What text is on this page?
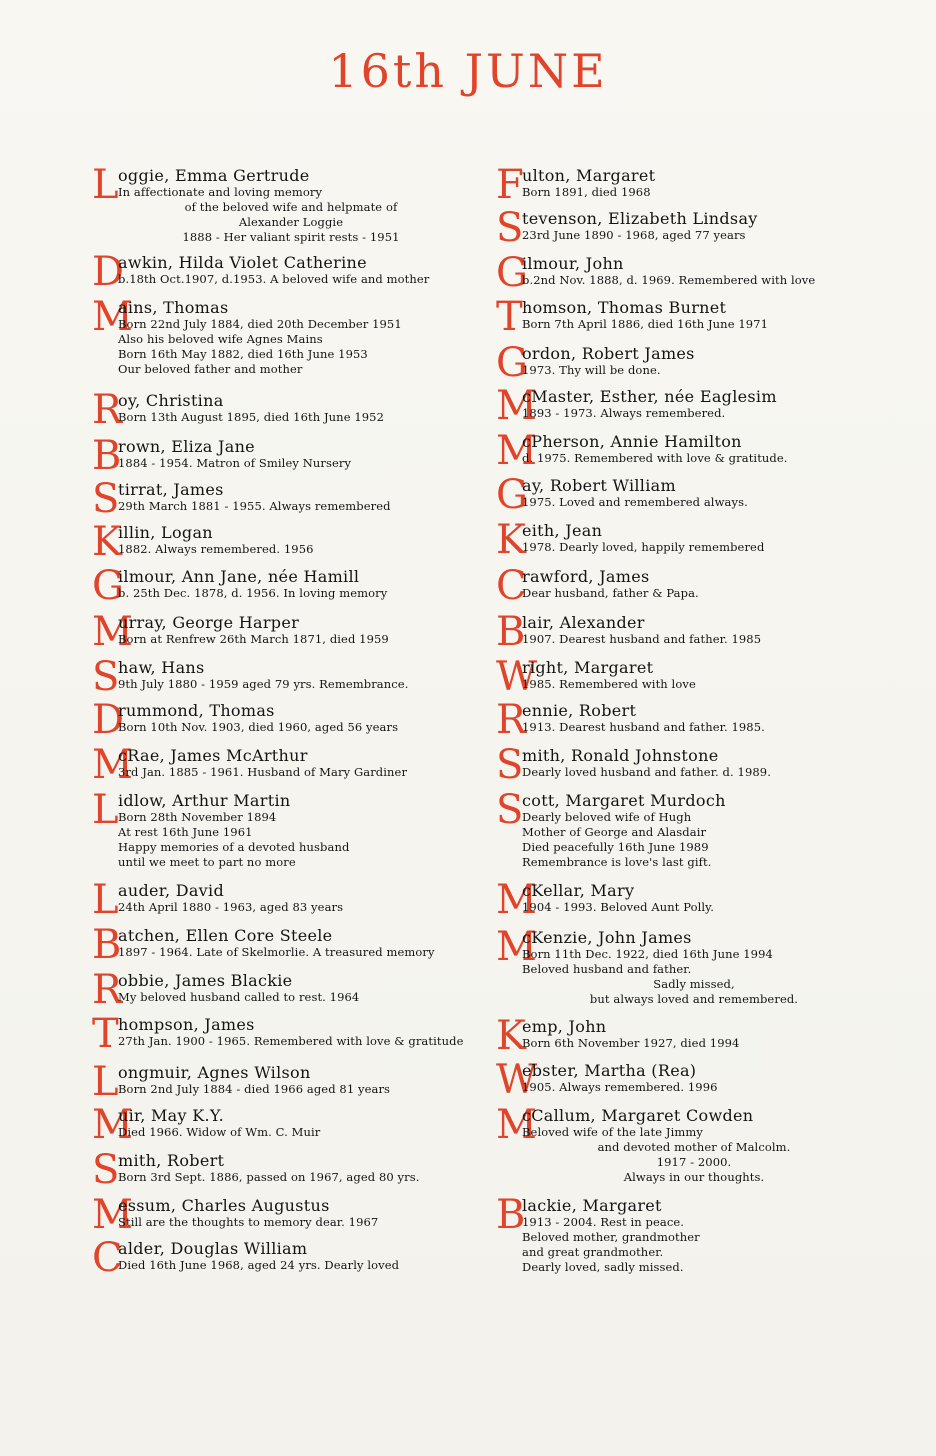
16th JUNE
L oggie, Emma Gertrude
In affectionate and loving memory
of the beloved wife and helpmate of
Alexander Loggie
1888 - Her valiant spirit rests - 1951
D
awkin, Hilda Violet Catherine
b.18th Oct.1907, d.1953. A beloved wife and mother
M
ains, Thomas
Born 22nd July 1884, died 20th December 1951
Also his beloved wife Agnes Mains
Born 16th May 1882, died 16th June 1953
Our beloved father and mother
R
oy, Christina
Born 13th August 1895, died 16th June 1952
B
rown, Eliza Jane
1884 - 1954. Matron of Smiley Nursery
S
tirrat, James
29th March 1881 - 1955. Always remembered
K
illin, Logan
1882. Always remembered. 1956
G
ilmour, Ann Jane, née Hamill
b. 25th Dec. 1878, d. 1956. In loving memory
M
urray, George Harper
Born at Renfrew 26th March 1871, died 1959
S
haw, Hans
9th July 1880 - 1959 aged 79 yrs. Remembrance.
D
rummond, Thomas
Born 10th Nov. 1903, died 1960, aged 56 years
M
cRae, James McArthur
3rd Jan. 1885 - 1961. Husband of Mary Gardiner
L idlow, Arthur Martin
Born 28th November 1894
At rest 16th June 1961
Happy memories of a devoted husband
until we meet to part no more
L auder, David
24th April 1880 - 1963, aged 83 years
B
atchen, Ellen Core Steele
1897 - 1964. Late of Skelmorlie. A treasured memory
R
obbie, James Blackie
My beloved husband called to rest. 1964
T hompson, James
27th Jan. 1900 - 1965. Remembered with love & gratitude
L ongmuir, Agnes Wilson
Born 2nd July 1884 - died 1966 aged 81 years
M
uir, May K.Y.
Died 1966. Widow of Wm. C. Muir
S
mith, Robert
Born 3rd Sept. 1886, passed on 1967, aged 80 yrs.
M
essum, Charles Augustus
Still are the thoughts to memory dear. 1967
C
alder, Douglas William
Died 16th June 1968, aged 24 yrs. Dearly loved
F
ulton, Margaret
Born 1891, died 1968
S
tevenson, Elizabeth Lindsay
23rd June 1890 - 1968, aged 77 years
G
ilmour, John
b.2nd Nov. 1888, d. 1969. Remembered with love
T homson, Thomas Burnet
Born 7th April 1886, died 16th June 1971
G
ordon, Robert James
1973. Thy will be done.
M
cMaster, Esther, née Eaglesim
1893 - 1973. Always remembered.
M
cPherson, Annie Hamilton
d. 1975. Remembered with love & gratitude.
G
ay, Robert William
1975. Loved and remembered always.
K
eith, Jean
1978. Dearly loved, happily remembered
C
rawford, James
Dear husband, father & Papa.
B
lair, Alexander
1907. Dearest husband and father. 1985
W
right, Margaret
1985. Remembered with love
R
ennie, Robert
1913. Dearest husband and father. 1985.
S
mith, Ronald Johnstone
Dearly loved husband and father. d. 1989.
S
cott, Margaret Murdoch
Dearly beloved wife of Hugh
Mother of George and Alasdair
Died peacefully 16th June 1989
Remembrance is love's last gift.
M
cKellar, Mary
1904 - 1993. Beloved Aunt Polly.
M
cKenzie, John James
Born 11th Dec. 1922, died 16th June 1994
Beloved husband and father.
Sadly missed,
but always loved and remembered.
K
emp, John
Born 6th November 1927, died 1994
W
ebster, Martha (Rea)
1905. Always remembered. 1996
M
cCallum, Margaret Cowden
Beloved wife of the late Jimmy
and devoted mother of Malcolm.
1917 - 2000.
Always in our thoughts.
B
lackie, Margaret
1913 - 2004. Rest in peace.
Beloved mother, grandmother
and great grandmother.
Dearly loved, sadly missed.
